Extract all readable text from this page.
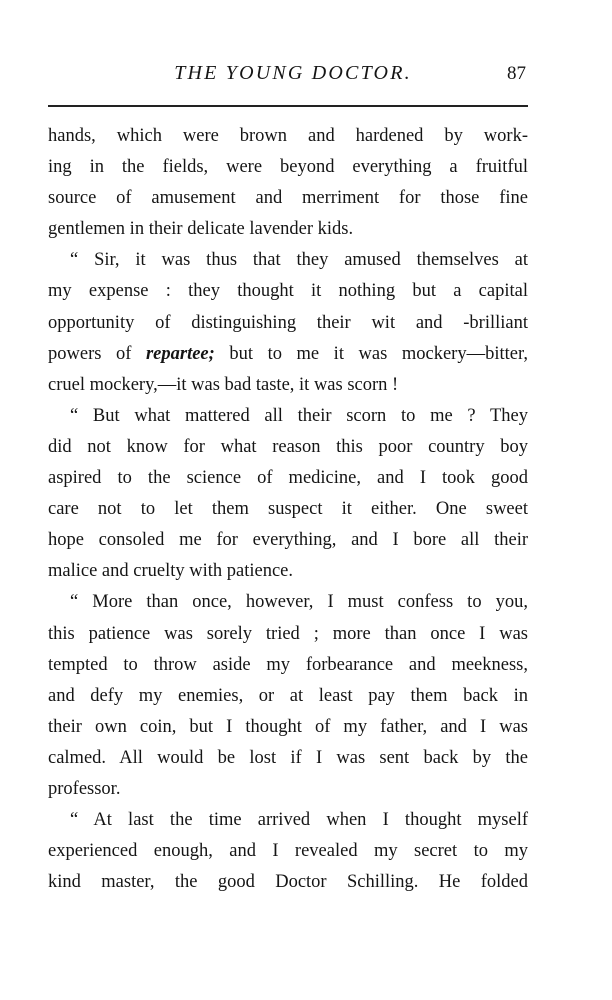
THE YOUNG DOCTOR.	87
hands, which were brown and hardened by work-
ing in the fields, were beyond everything a fruitful
source of amusement and merriment for those fine
gentlemen in their delicate lavender kids.
“ Sir, it was thus that they amused themselves at
my expense : they thought it nothing but a capital
opportunity of distinguishing their wit and -brilliant
powers of repartee; but to me it was mockery—bitter,
cruel mockery,—it was bad taste, it was scorn !
“ But what mattered all their scorn to me ? They
did not know for what reason this poor country boy
aspired to the science of medicine, and I took good
care not to let them suspect it either. One sweet
hope consoled me for everything, and I bore all their
malice and cruelty with patience.
“ More than once, however, I must confess to you,
this patience was sorely tried ; more than once I was
tempted to throw aside my forbearance and meekness,
and defy my enemies, or at least pay them back in
their own coin, but I thought of my father, and I was
calmed. All would be lost if I was sent back by the
professor.
“ At last the time arrived when I thought myself
experienced enough, and I revealed my secret to my
kind master, the good Doctor Schilling. He folded
